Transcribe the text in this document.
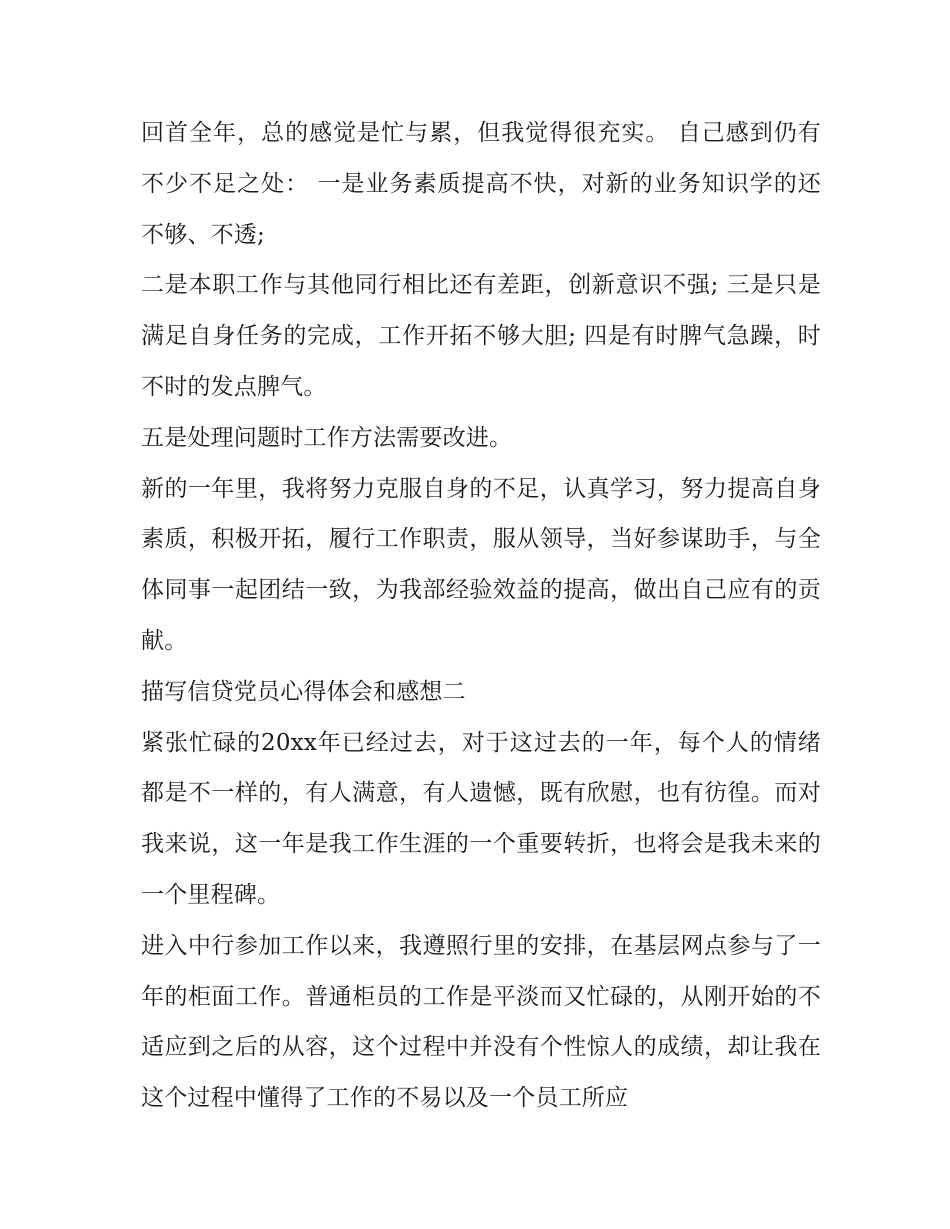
回首全年，总的感觉是忙与累，但我觉得很充实。 自己感到仍有不少不足之处： 一是业务素质提高不快，对新的业务知识学的还不够、不透;

二是本职工作与其他同行相比还有差距，创新意识不强; 三是只是满足自身任务的完成，工作开拓不够大胆; 四是有时脾气急躁，时不时的发点脾气。

五是处理问题时工作方法需要改进。

新的一年里，我将努力克服自身的不足，认真学习，努力提高自身素质，积极开拓，履行工作职责，服从领导，当好参谋助手，与全体同事一起团结一致，为我部经验效益的提高，做出自己应有的贡献。

描写信贷党员心得体会和感想二

紧张忙碌的20xx年已经过去，对于这过去的一年，每个人的情绪都是不一样的，有人满意，有人遗憾，既有欣慰，也有彷徨。而对我来说，这一年是我工作生涯的一个重要转折，也将会是我未来的一个里程碑。

进入中行参加工作以来，我遵照行里的安排，在基层网点参与了一年的柜面工作。普通柜员的工作是平淡而又忙碌的，从刚开始的不适应到之后的从容，这个过程中并没有个性惊人的成绩，却让我在这个过程中懂得了工作的不易以及一个员工所应
